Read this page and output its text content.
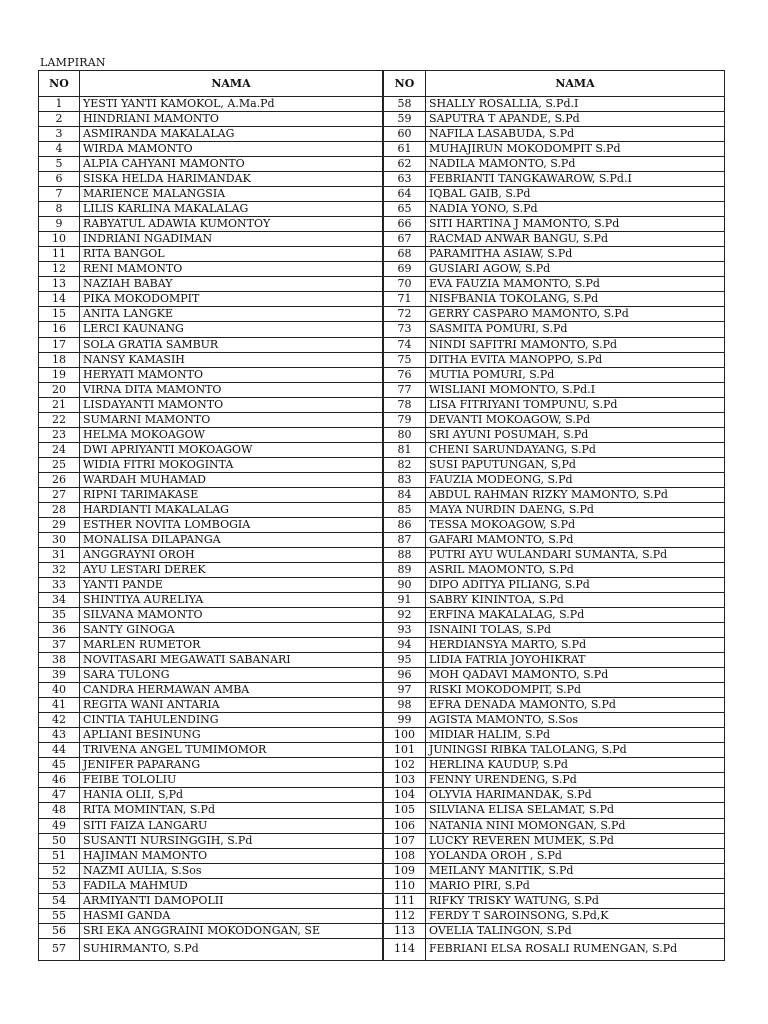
LAMPIRAN
NO	NAMA		NO	NAMA
1	YESTI YANTI KAMOKOL, A.Ma.Pd		58	SHALLY ROSALLIA, S.Pd.I
2	HINDRIANI MAMONTO		59	SAPUTRA T APANDE, S.Pd
3	ASMIRANDA MAKALALAG		60	NAFILA LASABUDA, S.Pd
4	WIRDA MAMONTO		61	MUHAJIRUN MOKODOMPIT S.Pd
5	ALPIA CAHYANI MAMONTO		62	NADILA MAMONTO, S.Pd
6	SISKA HELDA HARIMANDAK		63	FEBRIANTI TANGKAWAROW, S.Pd.I
7	MARIENCE MALANGSIA		64	IQBAL GAIB, S.Pd
8	LILIS KARLINA MAKALALAG		65	NADIA YONO, S.Pd
9	RABYATUL ADAWIA KUMONTOY		66	SITI HARTINA J MAMONTO, S.Pd
10	INDRIANI NGADIMAN		67	RACMAD ANWAR BANGU, S.Pd
11	RITA BANGOL		68	PARAMITHA ASIAW, S.Pd
12	RENI MAMONTO		69	GUSIARI AGOW, S.Pd
13	NAZIAH BABAY		70	EVA FAUZIA MAMONTO, S.Pd
14	PIKA MOKODOMPIT		71	NISFBANIA TOKOLANG, S.Pd
15	ANITA LANGKE		72	GERRY CASPARO MAMONTO, S.Pd
16	LERCI KAUNANG		73	SASMITA POMURI, S.Pd
17	SOLA GRATIA SAMBUR		74	NINDI SAFITRI MAMONTO, S.Pd
18	NANSY KAMASIH		75	DITHA EVITA MANOPPO, S.Pd
19	HERYATI MAMONTO		76	MUTIA POMURI, S.Pd
20	VIRNA DITA MAMONTO		77	WISLIANI MOMONTO, S.Pd.I
21	LISDAYANTI MAMONTO		78	LISA FITRIYANI TOMPUNU, S.Pd
22	SUMARNI MAMONTO		79	DEVANTI MOKOAGOW, S.Pd
23	HELMA MOKOAGOW		80	SRI AYUNI POSUMAH, S.Pd
24	DWI APRIYANTI MOKOAGOW		81	CHENI SARUNDAYANG, S.Pd
25	WIDIA FITRI MOKOGINTA		82	SUSI PAPUTUNGAN, S,Pd
26	WARDAH MUHAMAD		83	FAUZIA MODEONG, S.Pd
27	RIPNI TARIMAKASE		84	ABDUL RAHMAN RIZKY MAMONTO, S.Pd
28	HARDIANTI MAKALALAG		85	MAYA NURDIN DAENG, S.Pd
29	ESTHER NOVITA LOMBOGIA		86	TESSA MOKOAGOW, S.Pd
30	MONALISA DILAPANGA		87	GAFARI MAMONTO, S.Pd
31	ANGGRAYNI OROH		88	PUTRI AYU WULANDARI SUMANTA, S.Pd
32	AYU LESTARI DEREK		89	ASRIL MAOMONTO, S.Pd
33	YANTI PANDE		90	DIPO ADITYA PILIANG, S.Pd
34	SHINTIYA AURELIYA		91	SABRY KININTOA, S.Pd
35	SILVANA MAMONTO		92	ERFINA MAKALALAG, S.Pd
36	SANTY GINOGA		93	ISNAINI TOLAS, S.Pd
37	MARLEN RUMETOR		94	HERDIANSYA MARTO, S.Pd
38	NOVITASARI MEGAWATI SABANARI		95	LIDIA FATRIA JOYOHIKRAT
39	SARA TULONG		96	MOH QADAVI MAMONTO, S.Pd
40	CANDRA HERMAWAN AMBA		97	RISKI MOKODOMPIT, S.Pd
41	REGITA WANI ANTARIA		98	EFRA DENADA MAMONTO, S.Pd
42	CINTIA TAHULENDING		99	AGISTA MAMONTO, S.Sos
43	APLIANI BESINUNG		100	MIDIAR HALIM, S.Pd
44	TRIVENA ANGEL TUMIMOMOR		101	JUNINGSI RIBKA TALOLANG, S.Pd
45	JENIFER PAPARANG		102	HERLINA KAUDUP, S.Pd
46	FEIBE TOLOLIU		103	FENNY URENDENG, S.Pd
47	HANIA OLII, S,Pd		104	OLYVIA HARIMANDAK, S.Pd
48	RITA MOMINTAN, S.Pd		105	SILVIANA ELISA SELAMAT, S.Pd
49	SITI FAIZA LANGARU		106	NATANIA NINI MOMONGAN, S.Pd
50	SUSANTI NURSINGGIH, S.Pd		107	LUCKY REVEREN MUMEK, S.Pd
51	HAJIMAN MAMONTO		108	YOLANDA OROH , S.Pd
52	NAZMI AULIA, S.Sos		109	MEILANY MANITIK, S.Pd
53	FADILA MAHMUD		110	MARIO PIRI, S.Pd
54	ARMIYANTI DAMOPOLII		111	RIFKY TRISKY WATUNG, S.Pd
55	HASMI GANDA		112	FERDY T SAROINSONG, S.Pd,K
56	SRI EKA ANGGRAINI MOKODONGAN, SE		113	OVELIA TALINGON, S.Pd
57	SUHIRMANTO, S.Pd		114	FEBRIANI ELSA ROSALI RUMENGAN, S.Pd
